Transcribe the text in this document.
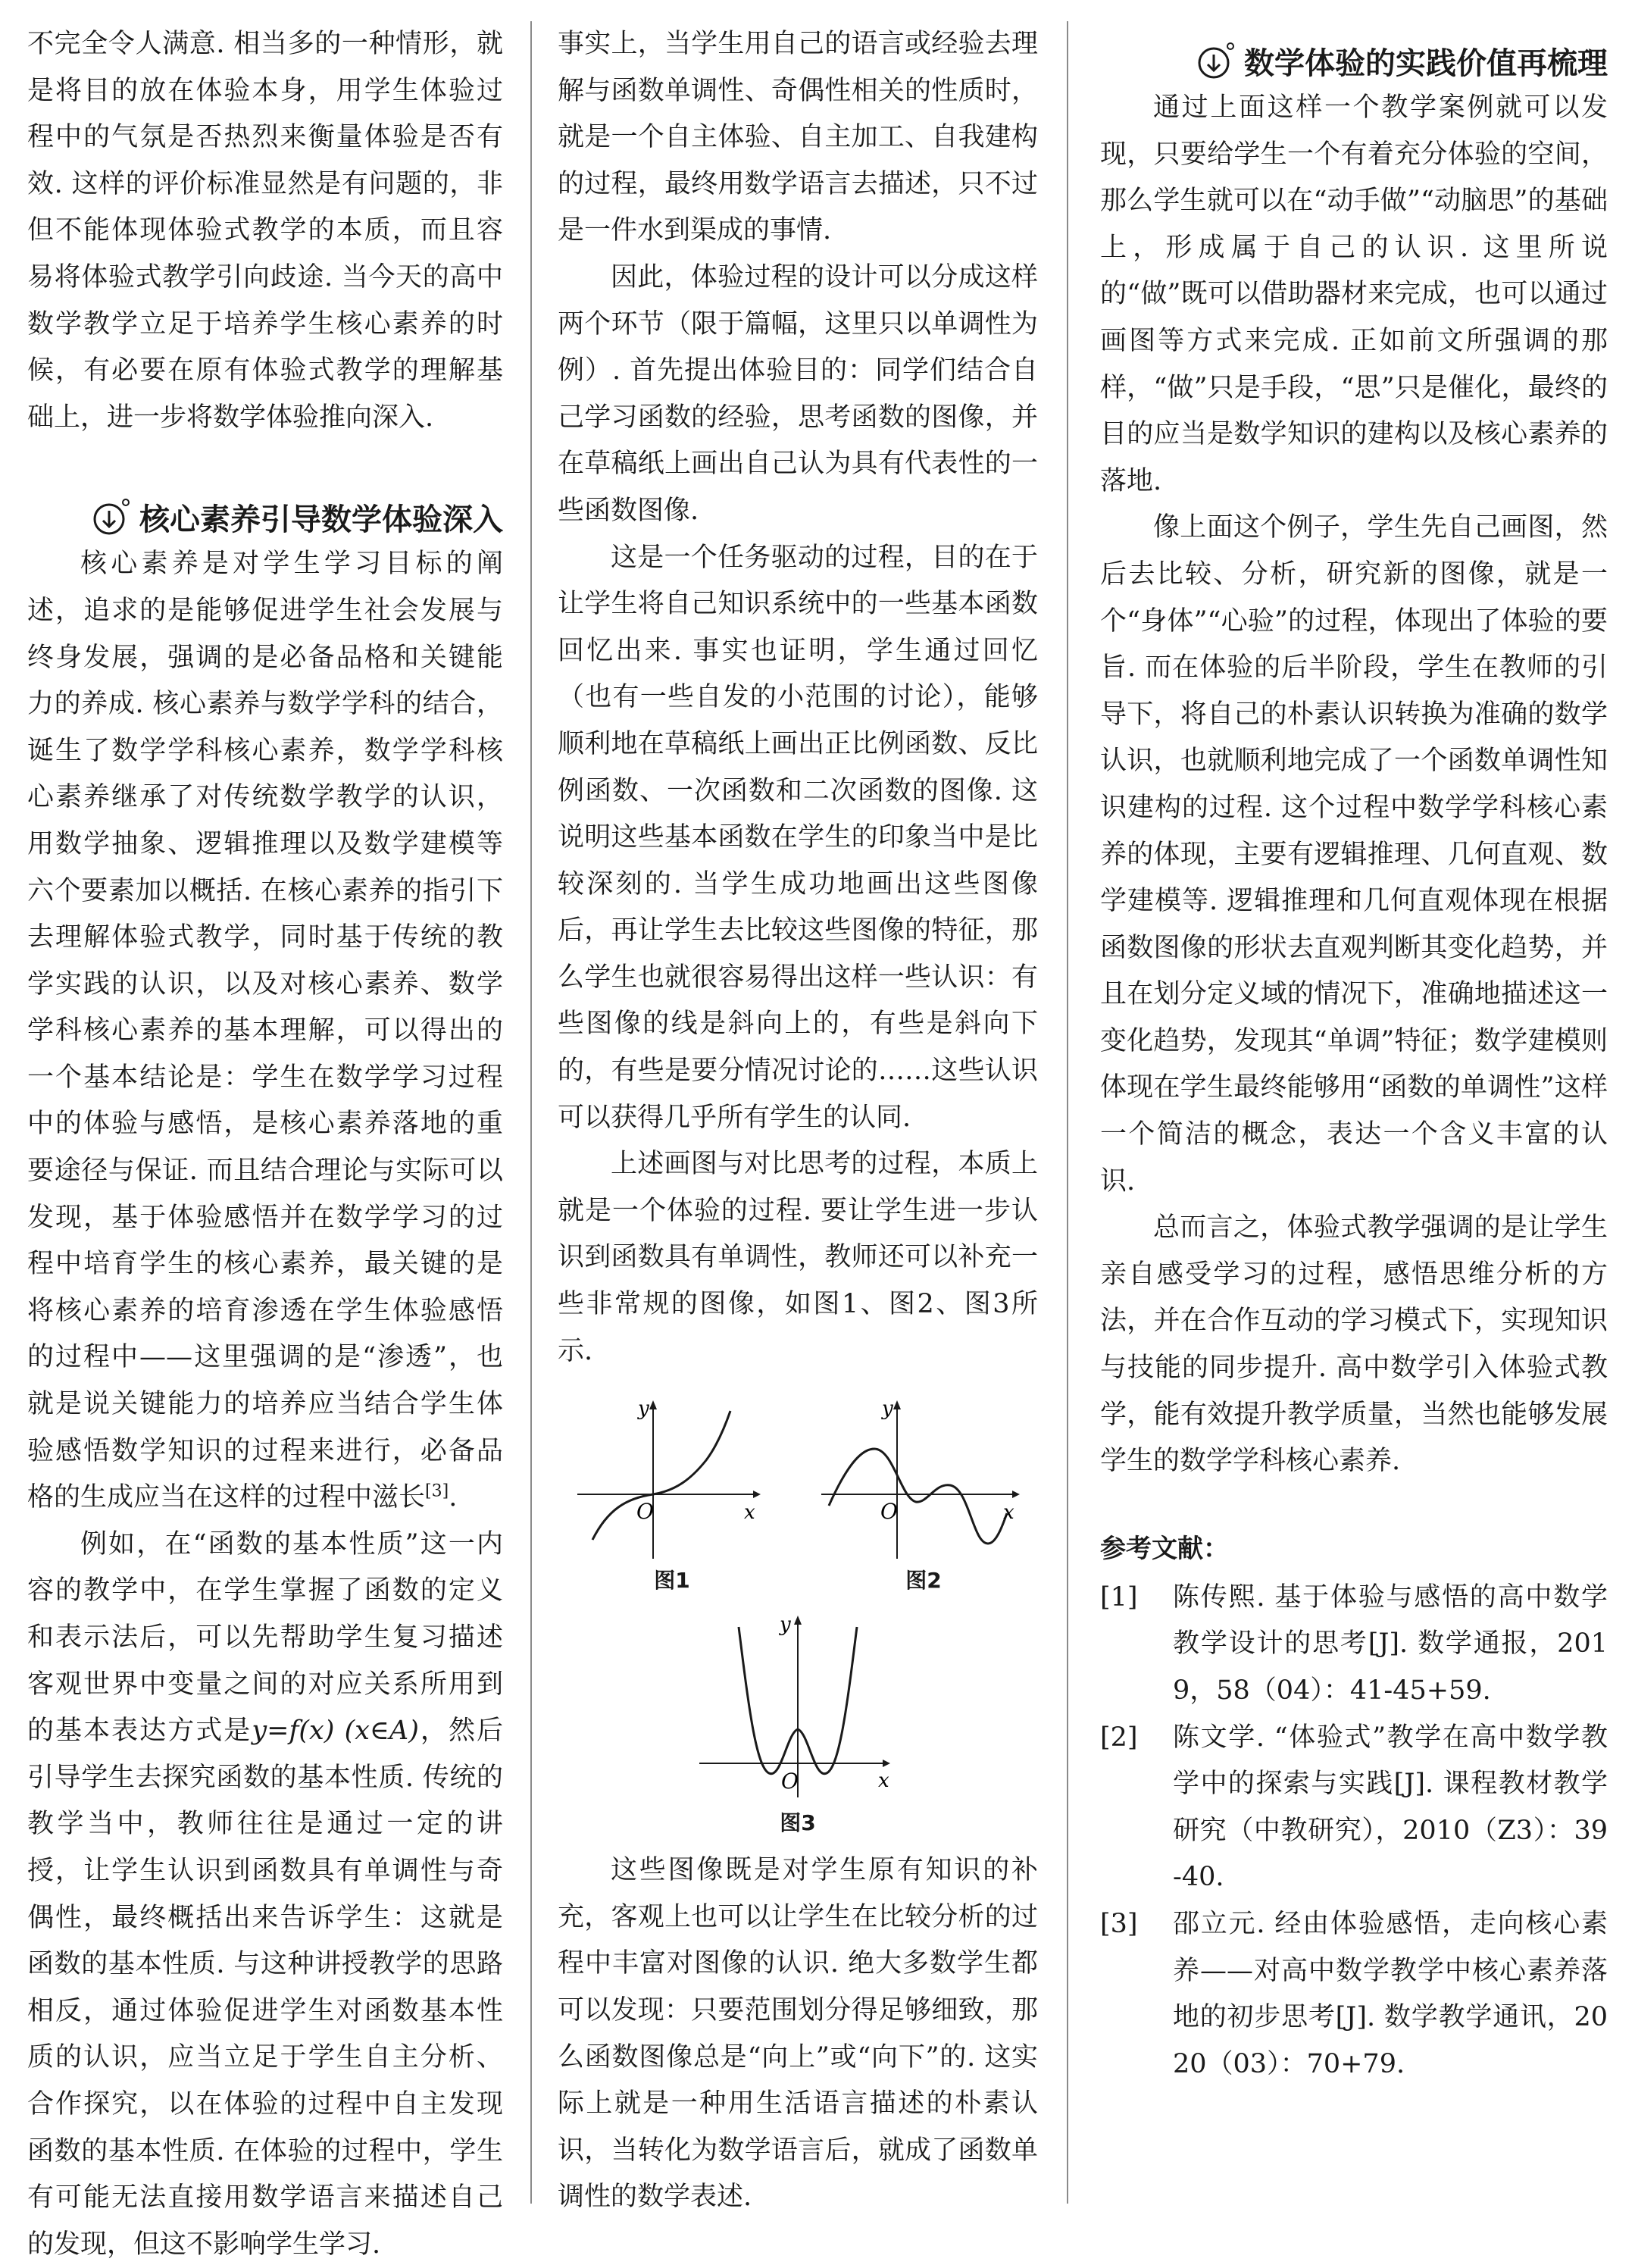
不完全令人满意. 相当多的一种情形，就是将目的放在体验本身，用学生体验过程中的气氛是否热烈来衡量体验是否有效. 这样的评价标准显然是有问题的，非但不能体现体验式教学的本质，而且容易将体验式教学引向歧途. 当今天的高中数学教学立足于培养学生核心素养的时候，有必要在原有体验式教学的理解基础上，进一步将数学体验推向深入.

核心素养引导数学体验深入

核心素养是对学生学习目标的阐述，追求的是能够促进学生社会发展与终身发展，强调的是必备品格和关键能力的养成. 核心素养与数学学科的结合，诞生了数学学科核心素养，数学学科核心素养继承了对传统数学教学的认识，用数学抽象、逻辑推理以及数学建模等六个要素加以概括. 在核心素养的指引下去理解体验式教学，同时基于传统的教学实践的认识，以及对核心素养、数学学科核心素养的基本理解，可以得出的一个基本结论是：学生在数学学习过程中的体验与感悟，是核心素养落地的重要途径与保证. 而且结合理论与实际可以发现，基于体验感悟并在数学学习的过程中培育学生的核心素养，最关键的是将核心素养的培育渗透在学生体验感悟的过程中——这里强调的是“渗透”，也就是说关键能力的培养应当结合学生体验感悟数学知识的过程来进行，必备品格的生成应当在这样的过程中滋长[3].

例如，在“函数的基本性质”这一内容的教学中，在学生掌握了函数的定义和表示法后，可以先帮助学生复习描述客观世界中变量之间的对应关系所用到的基本表达方式是y=f(x) (x∈A)，然后引导学生去探究函数的基本性质. 传统的教学当中，教师往往是通过一定的讲授，让学生认识到函数具有单调性与奇偶性，最终概括出来告诉学生：这就是函数的基本性质. 与这种讲授教学的思路相反，通过体验促进学生对函数基本性质的认识，应当立足于学生自主分析、合作探究，以在体验的过程中自主发现函数的基本性质. 在体验的过程中，学生有可能无法直接用数学语言来描述自己的发现，但这不影响学生学习.

事实上，当学生用自己的语言或经验去理解与函数单调性、奇偶性相关的性质时，就是一个自主体验、自主加工、自我建构的过程，最终用数学语言去描述，只不过是一件水到渠成的事情.

因此，体验过程的设计可以分成这样两个环节（限于篇幅，这里只以单调性为例）. 首先提出体验目的：同学们结合自己学习函数的经验，思考函数的图像，并在草稿纸上画出自己认为具有代表性的一些函数图像.

这是一个任务驱动的过程，目的在于让学生将自己知识系统中的一些基本函数回忆出来. 事实也证明，学生通过回忆（也有一些自发的小范围的讨论），能够顺利地在草稿纸上画出正比例函数、反比例函数、一次函数和二次函数的图像. 这说明这些基本函数在学生的印象当中是比较深刻的. 当学生成功地画出这些图像后，再让学生去比较这些图像的特征，那么学生也就很容易得出这样一些认识：有些图像的线是斜向上的，有些是斜向下的，有些是要分情况讨论的……这些认识可以获得几乎所有学生的认同.

上述画图与对比思考的过程，本质上就是一个体验的过程. 要让学生进一步认识到函数具有单调性，教师还可以补充一些非常规的图像，如图1、图2、图3所示.

y
x
O
图1
y
x
O
图2
y
x
O
图3

这些图像既是对学生原有知识的补充，客观上也可以让学生在比较分析的过程中丰富对图像的认识. 绝大多数学生都可以发现：只要范围划分得足够细致，那么函数图像总是“向上”或“向下”的. 这实际上就是一种用生活语言描述的朴素认识，当转化为数学语言后，就成了函数单调性的数学表述.

数学体验的实践价值再梳理

通过上面这样一个教学案例就可以发现，只要给学生一个有着充分体验的空间，那么学生就可以在“动手做”“动脑思”的基础上，形成属于自己的认识. 这里所说的“做”既可以借助器材来完成，也可以通过画图等方式来完成. 正如前文所强调的那样，“做”只是手段，“思”只是催化，最终的目的应当是数学知识的建构以及核心素养的落地.

像上面这个例子，学生先自己画图，然后去比较、分析，研究新的图像，就是一个“身体”“心验”的过程，体现出了体验的要旨. 而在体验的后半阶段，学生在教师的引导下，将自己的朴素认识转换为准确的数学认识，也就顺利地完成了一个函数单调性知识建构的过程. 这个过程中数学学科核心素养的体现，主要有逻辑推理、几何直观、数学建模等. 逻辑推理和几何直观体现在根据函数图像的形状去直观判断其变化趋势，并且在划分定义域的情况下，准确地描述这一变化趋势，发现其“单调”特征；数学建模则体现在学生最终能够用“函数的单调性”这样一个简洁的概念，表达一个含义丰富的认识.

总而言之，体验式教学强调的是让学生亲自感受学习的过程，感悟思维分析的方法，并在合作互动的学习模式下，实现知识与技能的同步提升. 高中数学引入体验式教学，能有效提升教学质量，当然也能够发展学生的数学学科核心素养.

参考文献：
[1]	陈传熙. 基于体验与感悟的高中数学教学设计的思考[J]. 数学通报，2019，58（04）：41-45+59.
[2]	陈文学. “体验式”教学在高中数学教学中的探索与实践[J]. 课程教材教学研究（中教研究），2010（Z3）：39-40.
[3]	邵立元. 经由体验感悟，走向核心素养——对高中数学教学中核心素养落地的初步思考[J]. 数学教学通讯，2020（03）：70+79.
